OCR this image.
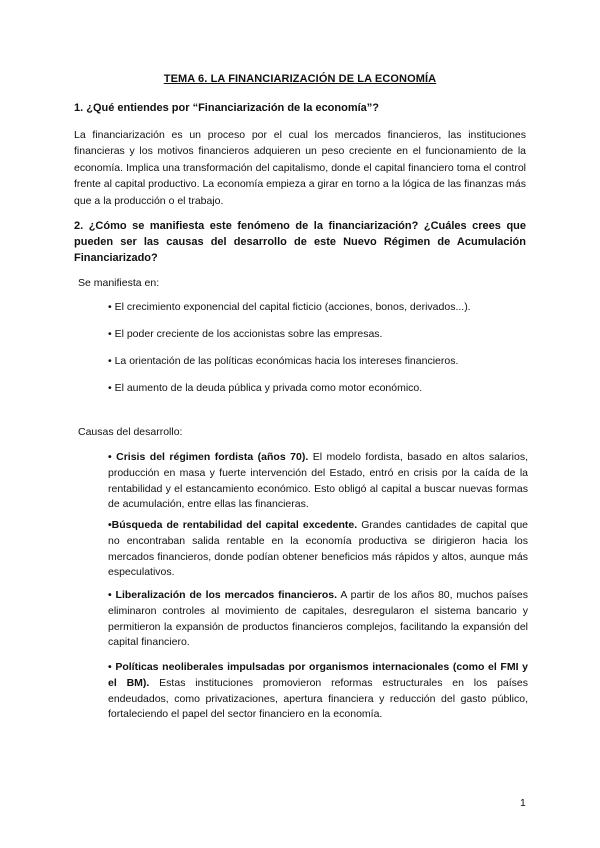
TEMA 6. LA FINANCIARIZACIÓN DE LA ECONOMÍA
1. ¿Qué entiendes por “Financiarización de la economía”?

La financiarización es un proceso por el cual los mercados financieros, las instituciones financieras y los motivos financieros adquieren un peso creciente en el funcionamiento de la economía. Implica una transformación del capitalismo, donde el capital financiero toma el control frente al capital productivo. La economía empieza a girar en torno a la lógica de las finanzas más que a la producción o el trabajo.

2. ¿Cómo se manifiesta este fenómeno de la financiarización? ¿Cuáles crees que pueden ser las causas del desarrollo de este Nuevo Régimen de Acumulación Financiarizado?
Se manifiesta en:
• El crecimiento exponencial del capital ficticio (acciones, bonos, derivados...).
• El poder creciente de los accionistas sobre las empresas.
• La orientación de las políticas económicas hacia los intereses financieros.
• El aumento de la deuda pública y privada como motor económico.
Causas del desarrollo:

• Crisis del régimen fordista (años 70). El modelo fordista, basado en altos salarios, producción en masa y fuerte intervención del Estado, entró en crisis por la caída de la rentabilidad y el estancamiento económico. Esto obligó al capital a buscar nuevas formas de acumulación, entre ellas las financieras.

•Búsqueda de rentabilidad del capital excedente. Grandes cantidades de capital que no encontraban salida rentable en la economía productiva se dirigieron hacia los mercados financieros, donde podían obtener beneficios más rápidos y altos, aunque más especulativos.

• Liberalización de los mercados financieros. A partir de los años 80, muchos países eliminaron controles al movimiento de capitales, desregularon el sistema bancario y permitieron la expansión de productos financieros complejos, facilitando la expansión del capital financiero.

• Políticas neoliberales impulsadas por organismos internacionales (como el FMI y el BM). Estas instituciones promovieron reformas estructurales en los países endeudados, como privatizaciones, apertura financiera y reducción del gasto público, fortaleciendo el papel del sector financiero en la economía.

1
